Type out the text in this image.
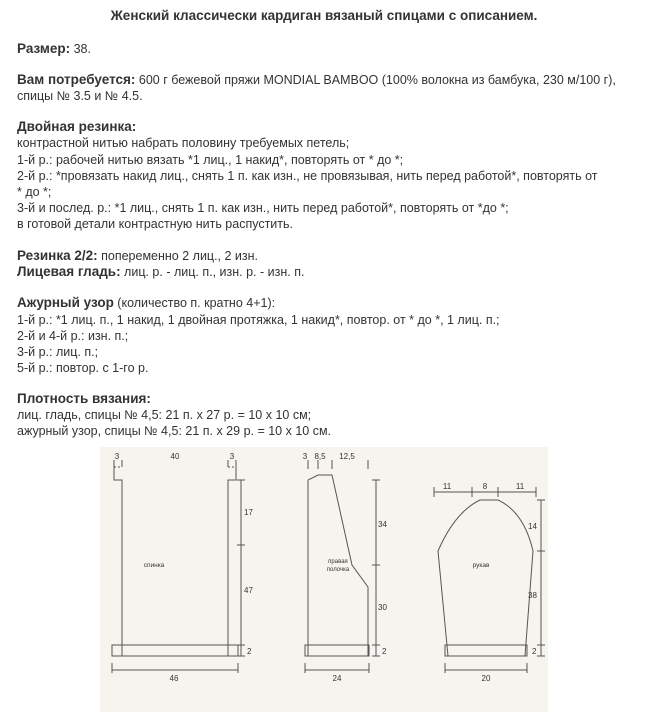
Женский классически кардиган вязаный спицами с описанием.
Размер: 38.
Вам потребуется: 600 г бежевой пряжи MONDIAL BAMBOO (100% волокна из бамбука, 230 м/100 г),
спицы № 3.5 и № 4.5.
Двойная резинка:
контрастной нитью набрать половину требуемых петель;
1-й р.: рабочей нитью вязать *1 лиц., 1 накид*, повторять от * до *;
2-й р.: *провязать накид лиц., снять 1 п. как изн., не провязывая, нить перед работой*, повторять от
* до *;
3-й и послед. р.: *1 лиц., снять 1 п. как изн., нить перед работой*, повторять от *до *;
в готовой детали контрастную нить распустить.
Резинка 2/2: попеременно 2 лиц., 2 изн.
Лицевая гладь: лиц. р. - лиц. п., изн. р. - изн. п.
Ажурный узор (количество п. кратно 4+1):
1-й р.: *1 лиц. п., 1 накид, 1 двойная протяжка, 1 накид*, повтор. от * до *, 1 лиц. п.;
2-й и 4-й р.: изн. п.;
3-й р.: лиц. п.;
5-й р.: повтор. с 1-го р.
Плотность вязания:
лиц. гладь, спицы № 4,5: 21 п. x 27 р. = 10 x 10 см;
ажурный узор, спицы № 4,5: 21 п. x 29 р. = 10 x 10 см.
спинка
3	40	3
17
47
2
46
правая
полочка
3 8,5 12,5
34
30
2
24
рукав
11	8	11
14
38
2
20
